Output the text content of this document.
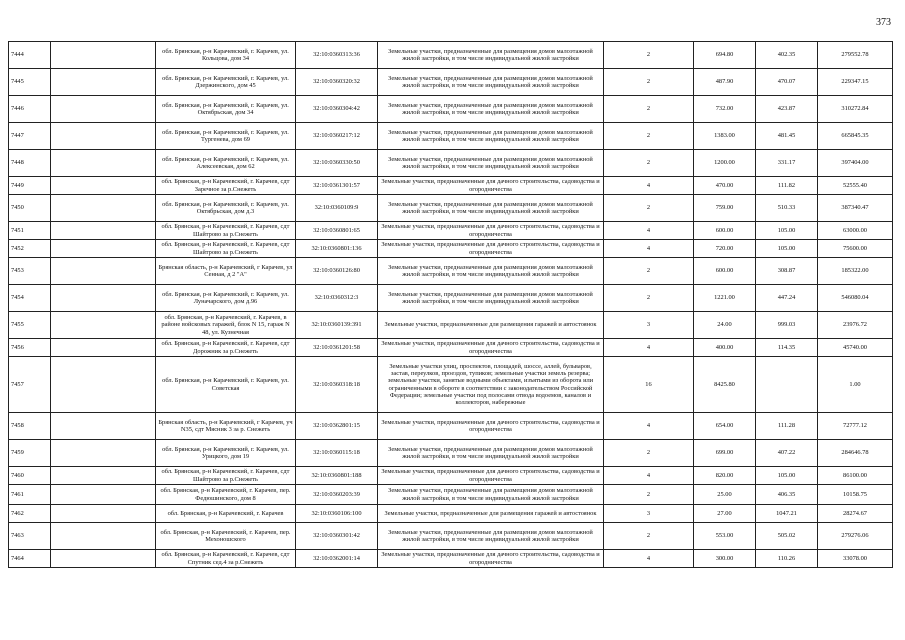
373
7444		обл. Брянская, р-н Карачевский, г. Карачев, ул. Кольцова, дом 34	32:10:0360313:36	Земельные участки, предназначенные для размещения домов малоэтажной жилой застройки, в том числе индивидуальной жилой застройки	2	694.80	402.35	279552.78
7445		обл. Брянская, р-н Карачевский, г. Карачев, ул. Дзержинского, дом 45	32:10:0360320:32	Земельные участки, предназначенные для размещения домов малоэтажной жилой застройки, в том числе индивидуальной жилой застройки	2	487.90	470.07	229347.15
7446		обл. Брянская, р-н Карачевский, г. Карачев, ул. Октябрьская, дом 34	32:10:0360304:42	Земельные участки, предназначенные для размещения домов малоэтажной жилой застройки, в том числе индивидуальной жилой застройки	2	732.00	423.87	310272.84
7447		обл. Брянская, р-н Карачевский, г. Карачев, ул. Тургенева, дом 69	32:10:0360217:12	Земельные участки, предназначенные для размещения домов малоэтажной жилой застройки, в том числе индивидуальной жилой застройки	2	1383.00	481.45	665845.35
7448		обл. Брянская, р-н Карачевский, г. Карачев, ул. Алексеевская, дом 62	32:10:0360330:50	Земельные участки, предназначенные для размещения домов малоэтажной жилой застройки, в том числе индивидуальной жилой застройки	2	1200.00	331.17	397404.00
7449		обл. Брянская, р-н Карачевский, г. Карачев, сдт Заречное за р.Снежеть	32:10:0361301:57	Земельные участки, предназначенные для дачного строительства, садоводства и огородничества	4	470.00	111.82	52555.40
7450		обл. Брянская, р-н Карачевский, г. Карачев, ул. Октябрьская, дом д.3	32:10:0360109:9	Земельные участки, предназначенные для размещения домов малоэтажной жилой застройки, в том числе индивидуальной жилой застройки	2	759.00	510.33	387340.47
7451		обл. Брянская, р-н Карачевский, г. Карачев, сдт Шайтрово за р.Снежеть	32:10:0360801:65	Земельные участки, предназначенные для дачного строительства, садоводства и огородничества	4	600.00	105.00	63000.00
7452		обл. Брянская, р-н Карачевский, г. Карачев, сдт Шайтрово за р.Снежеть	32:10:0360801:136	Земельные участки, предназначенные для дачного строительства, садоводства и огородничества	4	720.00	105.00	75600.00
7453		Брянская область, р-н Карачевский, г Карачев, ул Сенная, д 2 "А"	32:10:0360126:80	Земельные участки, предназначенные для размещения домов малоэтажной жилой застройки, в том числе индивидуальной жилой застройки	2	600.00	308.87	185322.00
7454		обл. Брянская, р-н Карачевский, г. Карачев, ул. Луначарского, дом д.96	32:10:0360312:3	Земельные участки, предназначенные для размещения домов малоэтажной жилой застройки, в том числе индивидуальной жилой застройки	2	1221.00	447.24	546080.04
7455		обл. Брянская, р-н Карачевский, г. Карачев, в районе войсковых гаражей, блок N 15, гараж N 48, ул. Кузнечная	32:10:0360139:391	Земельные участки, предназначенные для размещения гаражей и автостоянок	3	24.00	999.03	23976.72
7456		обл. Брянская, р-н Карачевский, г. Карачев, сдт Дорожник за р.Снежеть	32:10:0361201:58	Земельные участки, предназначенные для дачного строительства, садоводства и огородничества	4	400.00	114.35	45740.00
7457		обл. Брянская, р-н Карачевский, г. Карачев, ул. Советская	32:10:0360318:18	Земельные участки улиц, проспектов, площадей, шоссе, аллей, бульваров, застав, переулков, проездов, тупиков; земельные участки земель резерва; земельные участки, занятые водными объектами, изъятыми из оборота или ограниченными в обороте в соответствии с законодательством Российской Федерации; земельные участки под полосами отвода водоемов, каналов и коллекторов, набережные	16	8425.80		1.00
7458		Брянская область, р-н Карачевский, г Карачев, уч N35, сдт Мясник 3 за р. Снежеть	32:10:0362801:15	Земельные участки, предназначенные для дачного строительства, садоводства и огородничества	4	654.00	111.28	72777.12
7459		обл. Брянская, р-н Карачевский, г. Карачев, ул. Урицкого, дом 19	32:10:0360115:18	Земельные участки, предназначенные для размещения домов малоэтажной жилой застройки, в том числе индивидуальной жилой застройки	2	699.00	407.22	284646.78
7460		обл. Брянская, р-н Карачевский, г. Карачев, сдт Шайтрово за р.Снежеть	32:10:0360801:188	Земельные участки, предназначенные для дачного строительства, садоводства и огородничества	4	820.00	105.00	86100.00
7461		обл. Брянская, р-н Карачевский, г. Карачев, пер. Федюшинского, дом 8	32:10:0360203:39	Земельные участки, предназначенные для размещения домов малоэтажной жилой застройки, в том числе индивидуальной жилой застройки	2	25.00	406.35	10158.75
7462		обл. Брянская, р-н Карачевский, г. Карачев	32:10:0360106:100	Земельные участки, предназначенные для размещения гаражей и автостоянок	3	27.00	1047.21	28274.67
7463		обл. Брянская, р-н Карачевский, г. Карачев, пер. Мехоношского	32:10:0360301:42	Земельные участки, предназначенные для размещения домов малоэтажной жилой застройки, в том числе индивидуальной жилой застройки	2	553.00	505.02	279276.06
7464		обл. Брянская, р-н Карачевский, г. Карачев, сдт Спутник сед.4 за р.Снежеть	32:10:0362001:14	Земельные участки, предназначенные для дачного строительства, садоводства и огородничества	4	300.00	110.26	33078.00
